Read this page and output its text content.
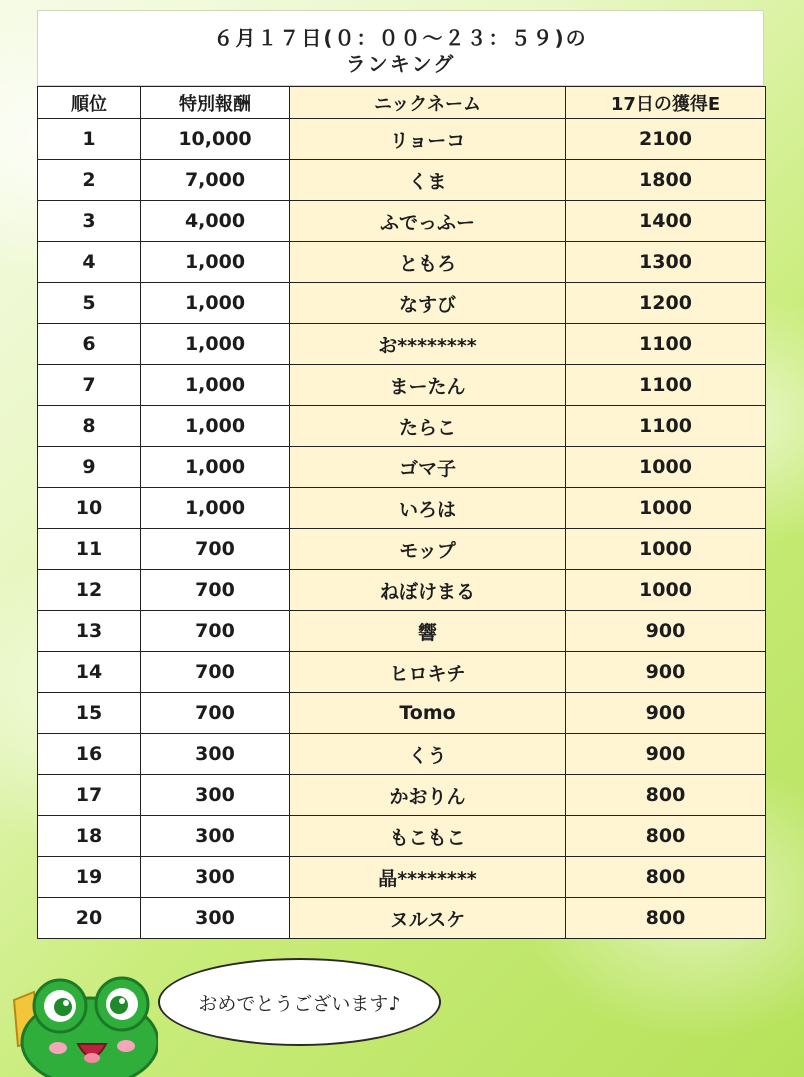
６月１７日(０：００～２３：５９)の
ランキング
順位	特別報酬	ニックネーム	17日の獲得E
1	10,000	リョーコ	2100
2	7,000	くま	1800
3	4,000	ふでっふー	1400
4	1,000	ともろ	1300
5	1,000	なすび	1200
6	1,000	お********	1100
7	1,000	まーたん	1100
8	1,000	たらこ	1100
9	1,000	ゴマ子	1000
10	1,000	いろは	1000
11	700	モップ	1000
12	700	ねぼけまる	1000
13	700	響	900
14	700	ヒロキチ	900
15	700	Tomo	900
16	300	くう	900
17	300	かおりん	800
18	300	もこもこ	800
19	300	晶********	800
20	300	ヌルスケ	800
おめでとうございます♪
